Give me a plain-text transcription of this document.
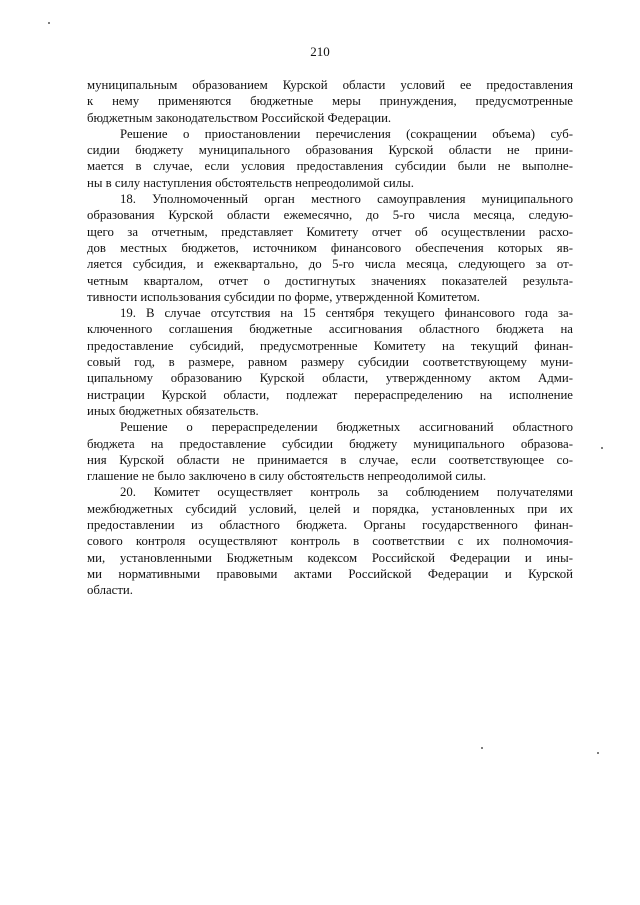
210
муниципальным образованием Курской области условий ее предоставления
к нему применяются бюджетные меры принуждения, предусмотренные
бюджетным законодательством Российской Федерации.
Решение о приостановлении перечисления (сокращении объема) суб-
сидии бюджету муниципального образования Курской области не прини-
мается в случае, если условия предоставления субсидии были не выполне-
ны в силу наступления обстоятельств непреодолимой силы.
18. Уполномоченный орган местного самоуправления муниципального
образования Курской области ежемесячно, до 5-го числа месяца, следую-
щего за отчетным, представляет Комитету отчет об осуществлении расхо-
дов местных бюджетов, источником финансового обеспечения которых яв-
ляется субсидия, и ежеквартально, до 5-го числа месяца, следующего за от-
четным кварталом, отчет о достигнутых значениях показателей результа-
тивности использования субсидии по форме, утвержденной Комитетом.
19. В случае отсутствия на 15 сентября текущего финансового года за-
ключенного соглашения бюджетные ассигнования областного бюджета на
предоставление субсидий, предусмотренные Комитету на текущий финан-
совый год, в размере, равном размеру субсидии соответствующему муни-
ципальному образованию Курской области, утвержденному актом Адми-
нистрации Курской области, подлежат перераспределению на исполнение
иных бюджетных обязательств.
Решение о перераспределении бюджетных ассигнований областного
бюджета на предоставление субсидии бюджету муниципального образова-
ния Курской области не принимается в случае, если соответствующее со-
глашение не было заключено в силу обстоятельств непреодолимой силы.
20. Комитет осуществляет контроль за соблюдением получателями
межбюджетных субсидий условий, целей и порядка, установленных при их
предоставлении из областного бюджета. Органы государственного финан-
сового контроля осуществляют контроль в соответствии с их полномочия-
ми, установленными Бюджетным кодексом Российской Федерации и ины-
ми нормативными правовыми актами Российской Федерации и Курской
области.
